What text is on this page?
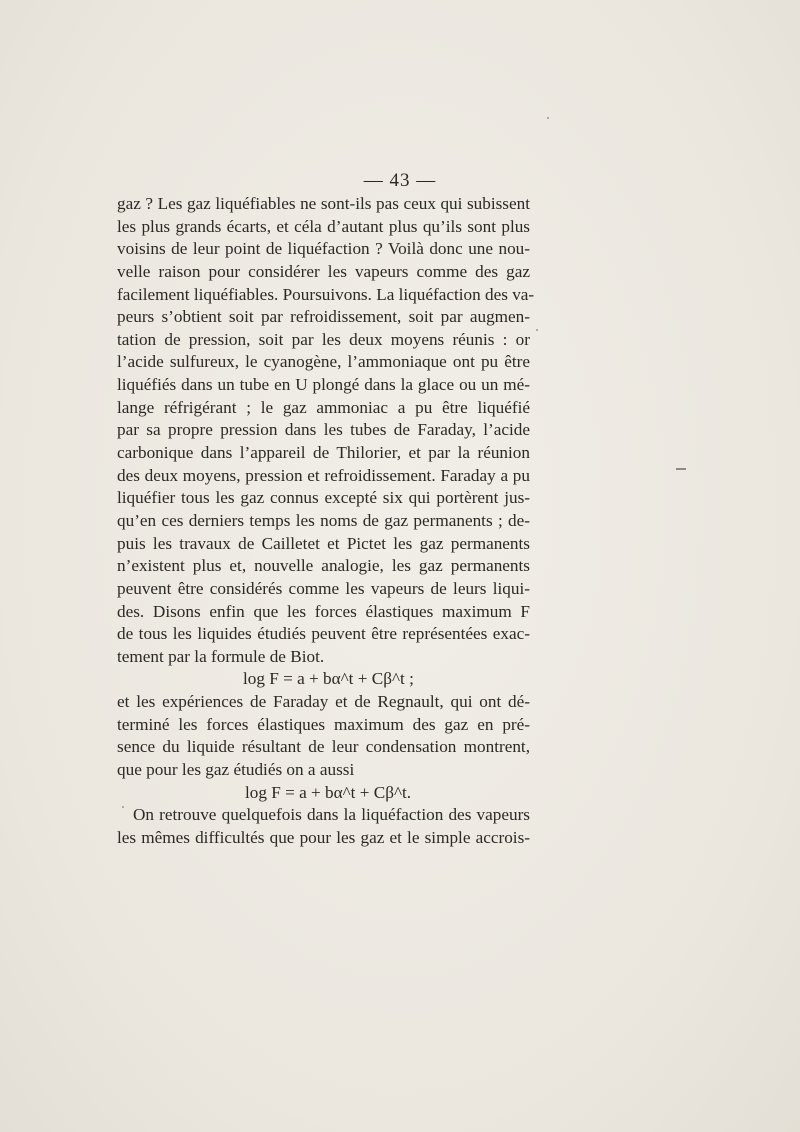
— 43 —
gaz ? Les gaz liquéfiables ne sont-ils pas ceux qui subissent
les plus grands écarts, et céla d’autant plus qu’ils sont plus
voisins de leur point de liquéfaction ? Voilà donc une nou-
velle raison pour considérer les vapeurs comme des gaz
facilement liquéfiables. Poursuivons. La liquéfaction des va-
peurs s’obtient soit par refroidissement, soit par augmen-
tation de pression, soit par les deux moyens réunis : or
l’acide sulfureux, le cyanogène, l’ammoniaque ont pu être
liquéfiés dans un tube en U plongé dans la glace ou un mé-
lange réfrigérant ; le gaz ammoniac a pu être liquéfié
par sa propre pression dans les tubes de Faraday, l’acide
carbonique dans l’appareil de Thilorier, et par la réunion
des deux moyens, pression et refroidissement. Faraday a pu
liquéfier tous les gaz connus excepté six qui portèrent jus-
qu’en ces derniers temps les noms de gaz permanents ; de-
puis les travaux de Cailletet et Pictet les gaz permanents
n’existent plus et, nouvelle analogie, les gaz permanents
peuvent être considérés comme les vapeurs de leurs liqui-
des. Disons enfin que les forces élastiques maximum F
de tous les liquides étudiés peuvent être représentées exac-
tement par la formule de Biot.
log F = a + bα^t + Cβ^t ;
et les expériences de Faraday et de Regnault, qui ont dé-
terminé les forces élastiques maximum des gaz en pré-
sence du liquide résultant de leur condensation montrent,
que pour les gaz étudiés on a aussi
log F = a + bα^t + Cβ^t.
On retrouve quelquefois dans la liquéfaction des vapeurs
les mêmes difficultés que pour les gaz et le simple accrois-
